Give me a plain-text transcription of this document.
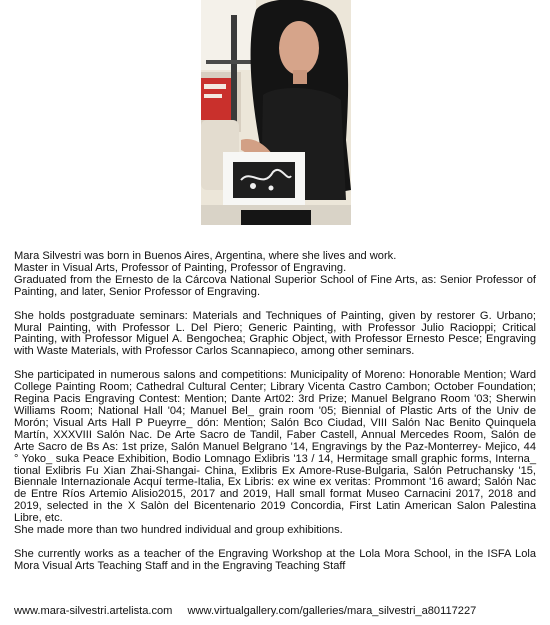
Mara Silvestri was born in Buenos Aires, Argentina, where she lives and work.

Master in Visual Arts, Professor of Painting, Professor of Engraving.

Graduated from the Ernesto de la Cárcova National Superior School of Fine Arts, as: Senior Professor of Painting, and later, Senior Professor of Engraving.

She holds postgraduate seminars: Materials and Techniques of Painting, given by restorer G. Urbano; Mural Painting, with Professor L. Del Piero; Generic Painting, with Professor Julio Racioppi; Critical Painting, with Professor Miguel A. Bengochea; Graphic Object, with Professor Ernesto Pesce; Engraving with Waste Materials, with Professor Carlos Scannapieco, among other seminars.

She participated in numerous salons and competitions: Municipality of Moreno: Honorable Mention; Ward College Painting Room; Cathedral Cultural Center; Library Vicenta Castro Cambon; October Foundation; Regina Pacis Engraving Contest: Mention; Dante Art02: 3rd Prize; Manuel Belgrano Room '03; Sherwin Williams Room; National Hall '04; Manuel Bel_ grain room '05; Biennial of Plastic Arts of the Univ de Morón; Visual Arts Hall P Pueyrre_ dón: Mention; Salón Bco Ciudad, VIII Salón Nac Benito Quinquela Martín, XXXVIII Salón Nac. De Arte Sacro de Tandil, Faber Castell, Annual Mercedes Room, Salón de Arte Sacro de Bs As: 1st prize, Salón Manuel Belgrano '14, Engravings by the Paz-Monterrey- Mejico, 44 ° Yoko_ suka Peace Exhibition, Bodio Lomnago Exlibris '13 / 14, Hermitage small graphic forms, Interna_ tional Exlibris Fu Xian Zhai-Shangai- China, Exlibris Ex Amore-Ruse-Bulgaria, Salón Petruchansky '15, Biennale Internazionale Acquí terme-Italia, Ex Libris: ex wine ex veritas: Prommont '16 award; Salón Nac de Entre Ríos Artemio Alisio2015, 2017 and 2019, Hall small format Museo Carnacini 2017, 2018 and 2019, selected in the X Salòn del Bicentenario 2019 Concordia, First Latin American Salon Palestina Libre, etc.

She made more than two hundred individual and group exhibitions.

She currently works as a teacher of the Engraving Workshop at the Lola Mora School, in the ISFA Lola Mora Visual Arts Teaching Staff and in the Engraving Teaching Staff

www.mara-silvestri.artelista.com www.virtualgallery.com/galleries/mara_silvestri_a80117227
